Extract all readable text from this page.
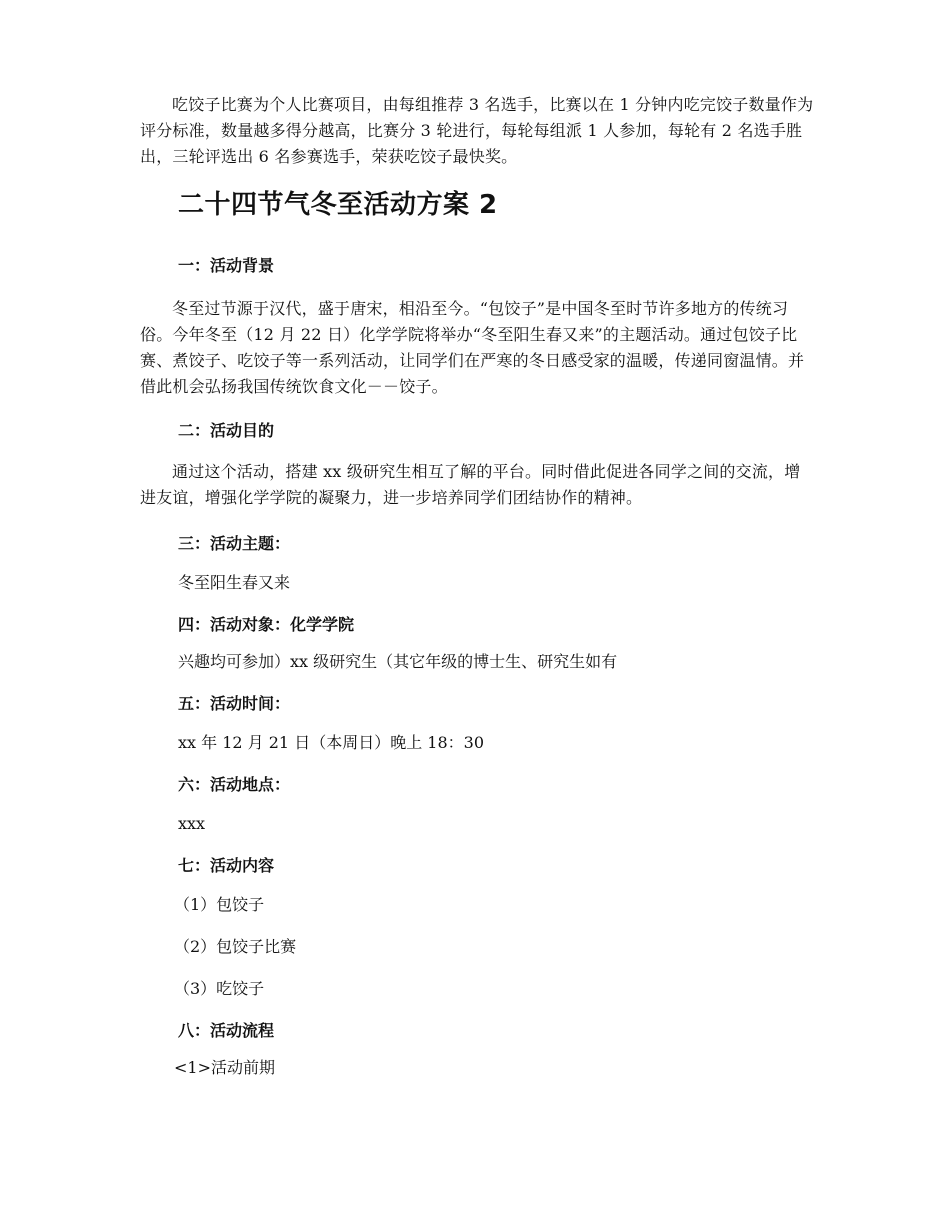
吃饺子比赛为个人比赛项目，由每组推荐 3 名选手，比赛以在 1 分钟内吃完饺子数量作为评分标准，数量越多得分越高，比赛分 3 轮进行，每轮每组派 1 人参加，每轮有 2 名选手胜出，三轮评选出 6 名参赛选手，荣获吃饺子最快奖。

二十四节气冬至活动方案 2
一：活动背景

冬至过节源于汉代，盛于唐宋，相沿至今。“包饺子”是中国冬至时节许多地方的传统习俗。今年冬至（12 月 22 日）化学学院将举办“冬至阳生春又来”的主题活动。通过包饺子比赛、煮饺子、吃饺子等一系列活动，让同学们在严寒的冬日感受家的温暖，传递同窗温情。并借此机会弘扬我国传统饮食文化－－饺子。

二：活动目的

通过这个活动，搭建 xx 级研究生相互了解的平台。同时借此促进各同学之间的交流，增进友谊，增强化学学院的凝聚力，进一步培养同学们团结协作的精神。

三：活动主题：

冬至阳生春又来

四：活动对象：化学学院

兴趣均可参加）xx 级研究生（其它年级的博士生、研究生如有

五：活动时间：

xx 年 12 月 21 日（本周日）晚上 18：30

六：活动地点：

xxx

七：活动内容

（1）包饺子

（2）包饺子比赛

（3）吃饺子

八：活动流程

<1>活动前期
